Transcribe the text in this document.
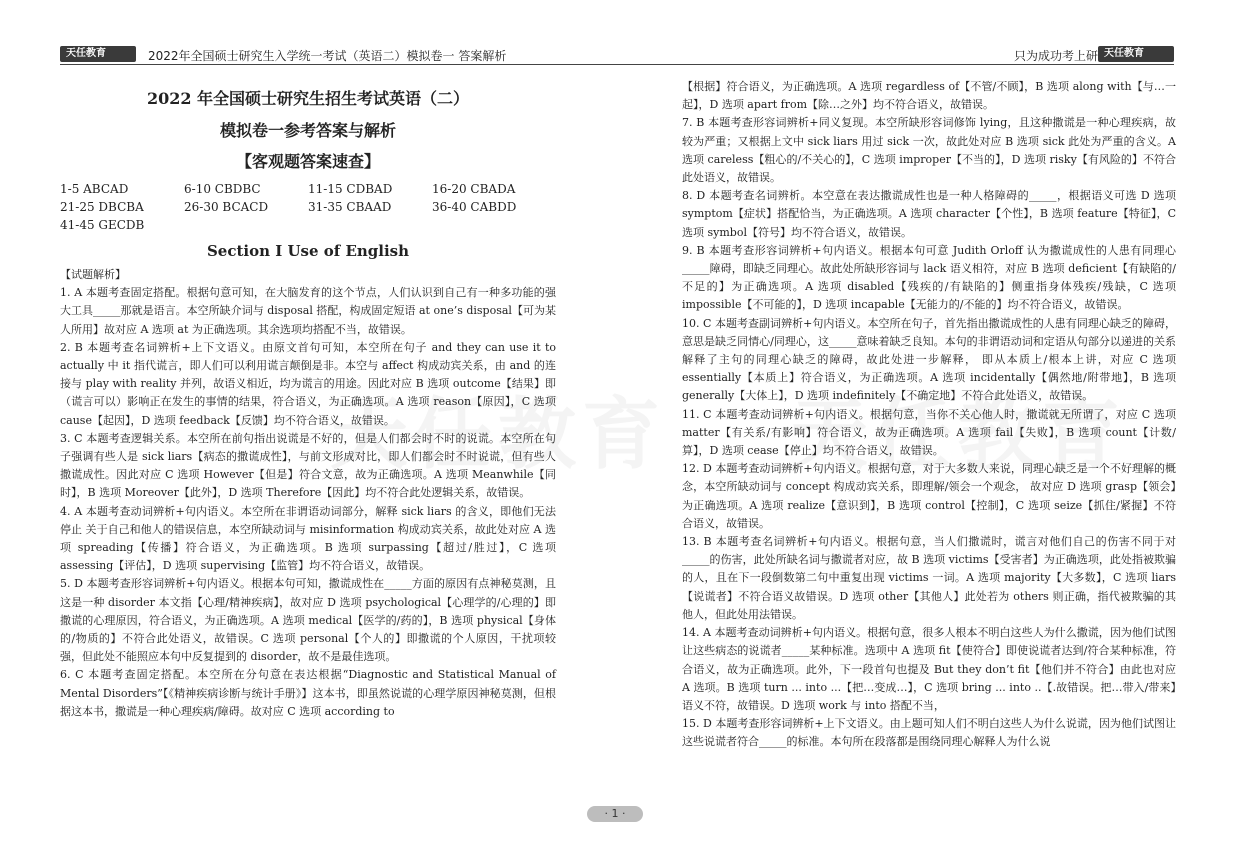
天任教育	2022年全国硕士研究生入学统一考试（英语二）模拟卷一 答案解析	只为成功考上研 天任教育
2022 年全国硕士研究生招生考试英语（二）
模拟卷一参考答案与解析
【客观题答案速查】
1-5 ABCAD	6-10 CBDBC	11-15 CDBAD	16-20 CBADA
21-25 DBCBA	26-30 BCACD	31-35 CBAAD	36-40 CABDD
41-45 GECDB
Section I Use of English

【试题解析】

1. A 本题考查固定搭配。根据句意可知，在大脑发育的这个节点，人们认识到自己有一种多功能的强大工具_____那就是语言。本空所缺介词与 disposal 搭配，构成固定短语 at one’s disposal【可为某人所用】故对应 A 选项 at 为正确选项。其余选项均搭配不当，故错误。

2. B 本题考查名词辨析+上下文语义。由原文首句可知，本空所在句子 and they can use it to actually 中 it 指代谎言，即人们可以利用谎言颠倒是非。本空与 affect 构成动宾关系，由 and 的连接与 play with reality 并列，故语义相近，均为谎言的用途。因此对应 B 选项 outcome【结果】即（谎言可以）影响正在发生的事情的结果，符合语义，为正确选项。A 选项 reason【原因】，C 选项 cause【起因】，D 选项 feedback【反馈】均不符合语义，故错误。

3. C 本题考查逻辑关系。本空所在前句指出说谎是不好的，但是人们都会时不时的说谎。本空所在句子强调有些人是 sick liars【病态的撒谎成性】，与前文形成对比，即人们都会时不时说谎，但有些人撒谎成性。因此对应 C 选项 However【但是】符合文意，故为正确选项。A 选项 Meanwhile【同时】，B 选项 Moreover【此外】，D 选项 Therefore【因此】均不符合此处逻辑关系，故错误。

4. A 本题考查动词辨析+句内语义。本空所在非谓语动词部分，解释 sick liars 的含义，即他们无法停止 关于自己和他人的错误信息，本空所缺动词与 misinformation 构成动宾关系，故此处对应 A 选项 spreading【传播】符合语义，为正确选项。B 选项 surpassing【超过/胜过】，C 选项 assessing【评估】，D 选项 supervising【监管】均不符合语义，故错误。

5. D 本题考查形容词辨析+句内语义。根据本句可知，撒谎成性在_____方面的原因有点神秘莫测，且这是一种 disorder 本文指【心理/精神疾病】，故对应 D 选项 psychological【心理学的/心理的】即撒谎的心理原因，符合语义，为正确选项。A 选项 medical【医学的/药的】，B 选项 physical【身体的/物质的】不符合此处语义，故错误。C 选项 personal【个人的】即撒谎的个人原因，干扰项较强，但此处不能照应本句中反复提到的 disorder，故不是最佳选项。

6. C 本题考查固定搭配。本空所在分句意在表达根据“Diagnostic and Statistical Manual of Mental Disorders”【《精神疾病诊断与统计手册》】这本书，即虽然说谎的心理学原因神秘莫测，但根据这本书，撒谎是一种心理疾病/障碍。故对应 C 选项 according to

【根据】符合语义，为正确选项。A 选项 regardless of【不管/不顾】，B 选项 along with【与…一起】，D 选项 apart from【除…之外】均不符合语义，故错误。

7. B 本题考查形容词辨析+同义复现。本空所缺形容词修饰 lying，且这种撒谎是一种心理疾病，故较为严重；又根据上文中 sick liars 用过 sick 一次，故此处对应 B 选项 sick 此处为严重的含义。A 选项 careless【粗心的/不关心的】，C 选项 improper【不当的】，D 选项 risky【有风险的】不符合此处语义，故错误。

8. D 本题考查名词辨析。本空意在表达撒谎成性也是一种人格障碍的_____，根据语义可选 D 选项 symptom【症状】搭配恰当，为正确选项。A 选项 character【个性】，B 选项 feature【特征】，C 选项 symbol【符号】均不符合语义，故错误。

9. B 本题考查形容词辨析+句内语义。根据本句可意 Judith Orloff 认为撒谎成性的人患有同理心_____障碍，即缺乏同理心。故此处所缺形容词与 lack 语义相符，对应 B 选项 deficient【有缺陷的/不足的】为正确选项。A 选项 disabled【残疾的/有缺陷的】侧重指身体残疾/残缺，C 选项 impossible【不可能的】，D 选项 incapable【无能力的/不能的】均不符合语义，故错误。

10. C 本题考查副词辨析+句内语义。本空所在句子，首先指出撒谎成性的人患有同理心缺乏的障碍，意思是缺乏同情心/同理心，这_____意味着缺乏良知。本句的非谓语动词和定语从句部分以递进的关系解释了主句的同理心缺乏的障碍，故此处进一步解释， 即从本质上/根本上讲，对应 C 选项 essentially【本质上】符合语义，为正确选项。A 选项 incidentally【偶然地/附带地】，B 选项 generally【大体上】，D 选项 indefinitely【不确定地】不符合此处语义，故错误。

11. C 本题考查动词辨析+句内语义。根据句意，当你不关心他人时，撒谎就无所谓了，对应 C 选项 matter【有关系/有影响】符合语义，故为正确选项。A 选项 fail【失败】，B 选项 count【计数/算】，D 选项 cease【停止】均不符合语义，故错误。

12. D 本题考查动词辨析+句内语义。根据句意，对于大多数人来说，同理心缺乏是一个不好理解的概念，本空所缺动词与 concept 构成动宾关系，即理解/领会一个观念， 故对应 D 选项 grasp【领会】为正确选项。A 选项 realize【意识到】，B 选项 control【控制】，C 选项 seize【抓住/紧握】不符合语义，故错误。

13. B 本题考查名词辨析+句内语义。根据句意，当人们撒谎时，谎言对他们自己的伤害不同于对_____的伤害，此处所缺名词与撒谎者对应，故 B 选项 victims【受害者】为正确选项，此处指被欺骗的人，且在下一段倒数第二句中重复出现 victims 一词。A 选项 majority【大多数】，C 选项 liars【说谎者】不符合语义故错误。D 选项 other【其他人】此处若为 others 则正确，指代被欺骗的其他人，但此处用法错误。

14. A 本题考查动词辨析+句内语义。根据句意，很多人根本不明白这些人为什么撒谎，因为他们试图让这些病态的说谎者_____某种标准。选项中 A 选项 fit【使符合】即使说谎者达到/符合某种标准，符合语义，故为正确选项。此外，下一段首句也提及 But they don’t fit【他们并不符合】由此也对应 A 选项。B 选项 turn ... into ...【把…变成…】，C 选项 bring ... into ..【.故错误。把…带入/带来】语义不符，故错误。D 选项 work 与 into 搭配不当，

15. D 本题考查形容词辨析+上下文语义。由上题可知人们不明白这些人为什么说谎，因为他们试图让这些说谎者符合_____的标准。本句所在段落都是围绕同理心解释人为什么说

· 1 ·
